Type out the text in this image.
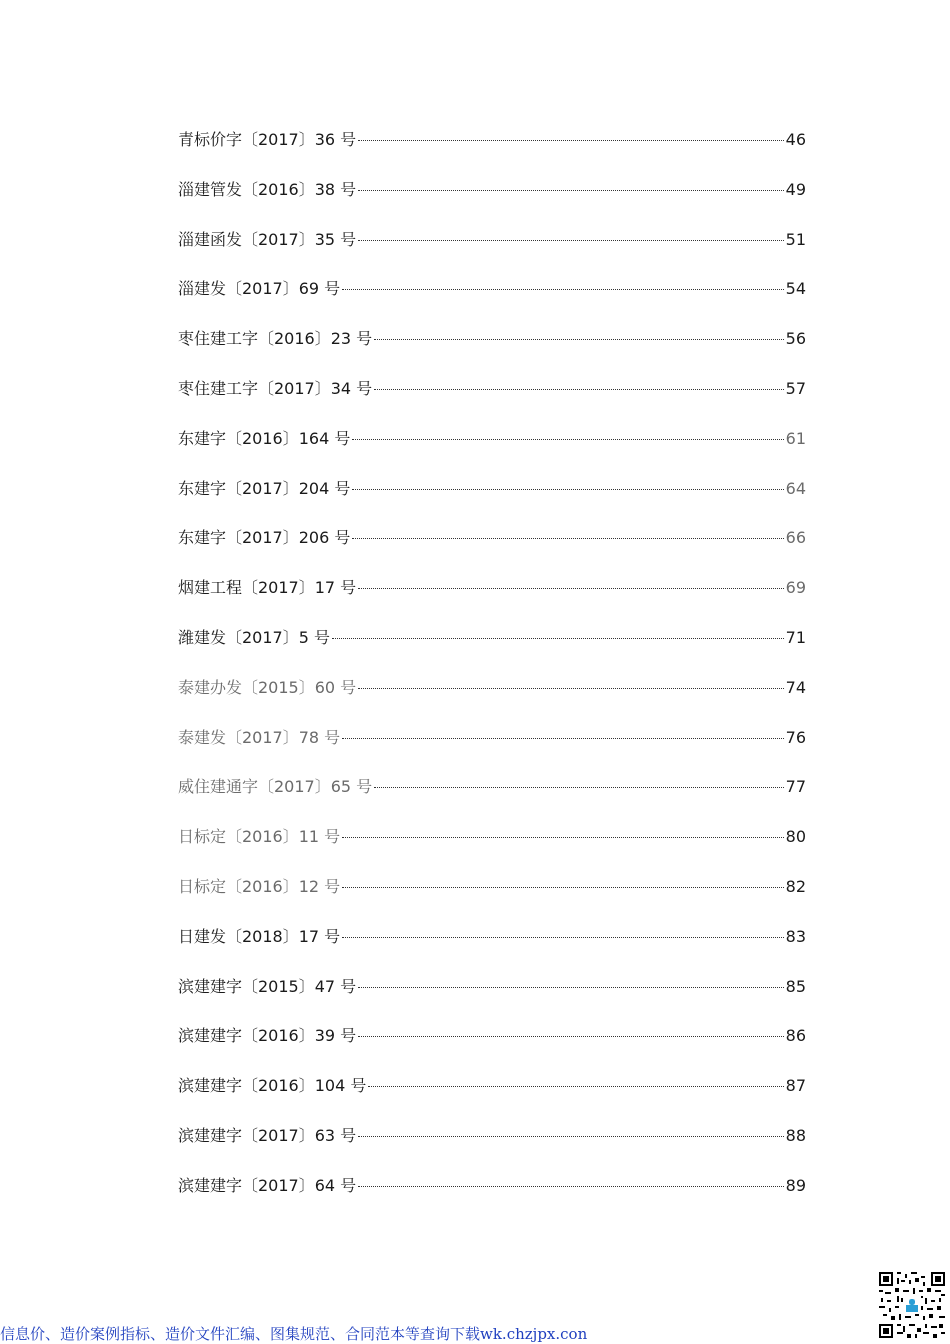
青标价字〔2017〕36 号	46
淄建管发〔2016〕38 号	49
淄建函发〔2017〕35 号	51
淄建发〔2017〕69 号	54
枣住建工字〔2016〕23 号	56
枣住建工字〔2017〕34 号	57
东建字〔2016〕164 号	61
东建字〔2017〕204 号	64
东建字〔2017〕206 号	66
烟建工程〔2017〕17 号	69
潍建发〔2017〕5 号	71
泰建办发〔2015〕60 号	74
泰建发〔2017〕78 号	76
威住建通字〔2017〕65 号	77
日标定〔2016〕11 号	80
日标定〔2016〕12 号	82
日建发〔2018〕17 号	83
滨建建字〔2015〕47 号	85
滨建建字〔2016〕39 号	86
滨建建字〔2016〕104 号	87
滨建建字〔2017〕63 号	88
滨建建字〔2017〕64 号	89
信息价、造价案例指标、造价文件汇编、图集规范、合同范本等查询下载wk.chzjpx.con
